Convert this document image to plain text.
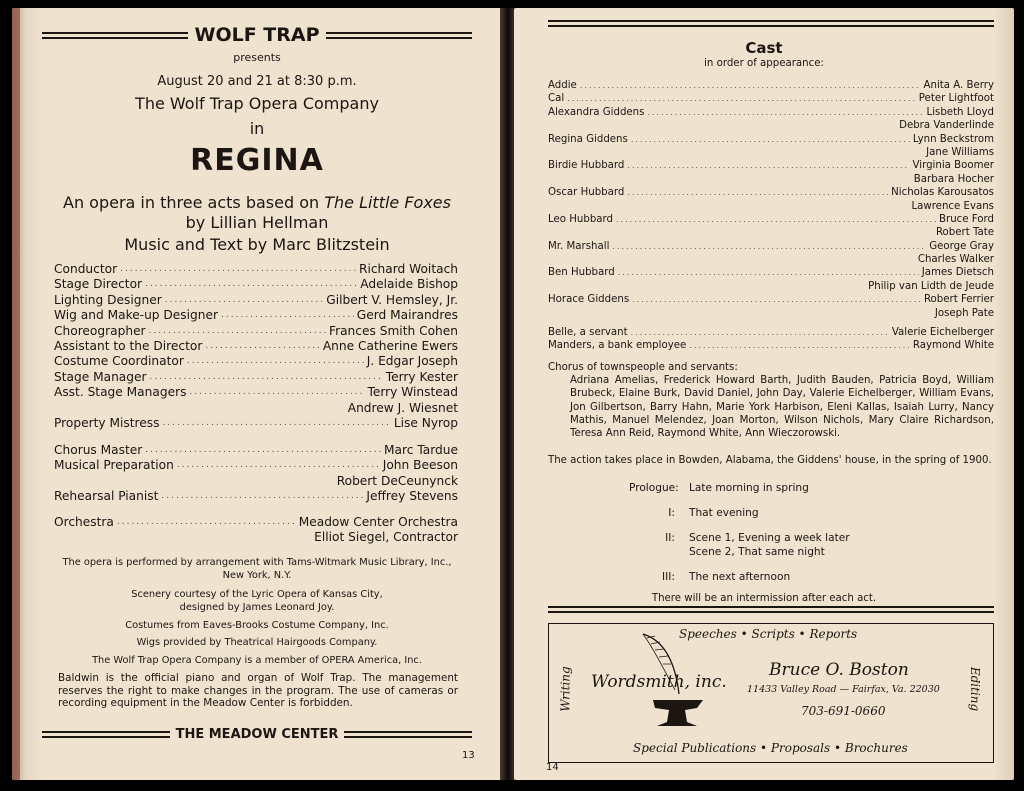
WOLF TRAP
presents
August 20 and 21 at 8:30 p.m.
The Wolf Trap Opera Company
in
REGINA
An opera in three acts based on The Little Foxes
by Lillian Hellman
Music and Text by Marc Blitzstein
Conductor .....	Richard Woitach
Stage Director .....	Adelaide Bishop
Lighting Designer .....	Gilbert V. Hemsley, Jr.
Wig and Make-up Designer .....	Gerd Mairandres
Choreographer .....	Frances Smith Cohen
Assistant to the Director .....	Anne Catherine Ewers
Costume Coordinator .....	J. Edgar Joseph
Stage Manager .....	Terry Kester
Asst. Stage Managers .....	Terry Winstead
Andrew J. Wiesnet
Property Mistress .....	Lise Nyrop
Chorus Master .....	Marc Tardue
Musical Preparation .....	John Beeson
Robert DeCeunynck
Rehearsal Pianist .....	Jeffrey Stevens
Orchestra .....	Meadow Center Orchestra
Elliot Siegel, Contractor
The opera is performed by arrangement with Tams-Witmark Music Library, Inc.,
New York, N.Y.
Scenery courtesy of the Lyric Opera of Kansas City,
designed by James Leonard Joy.
Costumes from Eaves-Brooks Costume Company, Inc.
Wigs provided by Theatrical Hairgoods Company.
The Wolf Trap Opera Company is a member of OPERA America, Inc.
Baldwin is the official piano and organ of Wolf Trap. The management reserves the right to make changes in the program. The use of cameras or recording equipment in the Meadow Center is forbidden.
THE MEADOW CENTER
13
Cast
in order of appearance:
Addie .....	Anita A. Berry
Cal .....	Peter Lightfoot
Alexandra Giddens .....	Lisbeth Lloyd
Debra Vanderlinde
Regina Giddens .....	Lynn Beckstrom
Jane Williams
Birdie Hubbard .....	Virginia Boomer
Barbara Hocher
Oscar Hubbard .....	Nicholas Karousatos
Lawrence Evans
Leo Hubbard .....	Bruce Ford
Robert Tate
Mr. Marshall .....	George Gray
Charles Walker
Ben Hubbard .....	James Dietsch
Philip van Lidth de Jeude
Horace Giddens .....	Robert Ferrier
Joseph Pate
Belle, a servant .....	Valerie Eichelberger
Manders, a bank employee .....	Raymond White
Chorus of townspeople and servants:
Adriana Amelias, Frederick Howard Barth, Judith Bauden, Patricia Boyd, William Brubeck, Elaine Burk, David Daniel, John Day, Valerie Eichelberger, William Evans, Jon Gilbertson, Barry Hahn, Marie York Harbison, Eleni Kallas, Isaiah Lurry, Nancy Mathis, Manuel Melendez, Joan Morton, Wilson Nichols, Mary Claire Richardson, Teresa Ann Reid, Raymond White, Ann Wieczorowski.
The action takes place in Bowden, Alabama, the Giddens' house, in the spring of 1900.
Prologue: Late morning in spring
I:	That evening
II:	Scene 1, Evening a week later
Scene 2, That same night
III:	The next afternoon
There will be an intermission after each act.
Speeches • Scripts • Reports
Writing	Editing
Wordsmith, inc.
Bruce O. Boston
11433 Valley Road — Fairfax, Va. 22030
703-691-0660
Special Publications • Proposals • Brochures
14
